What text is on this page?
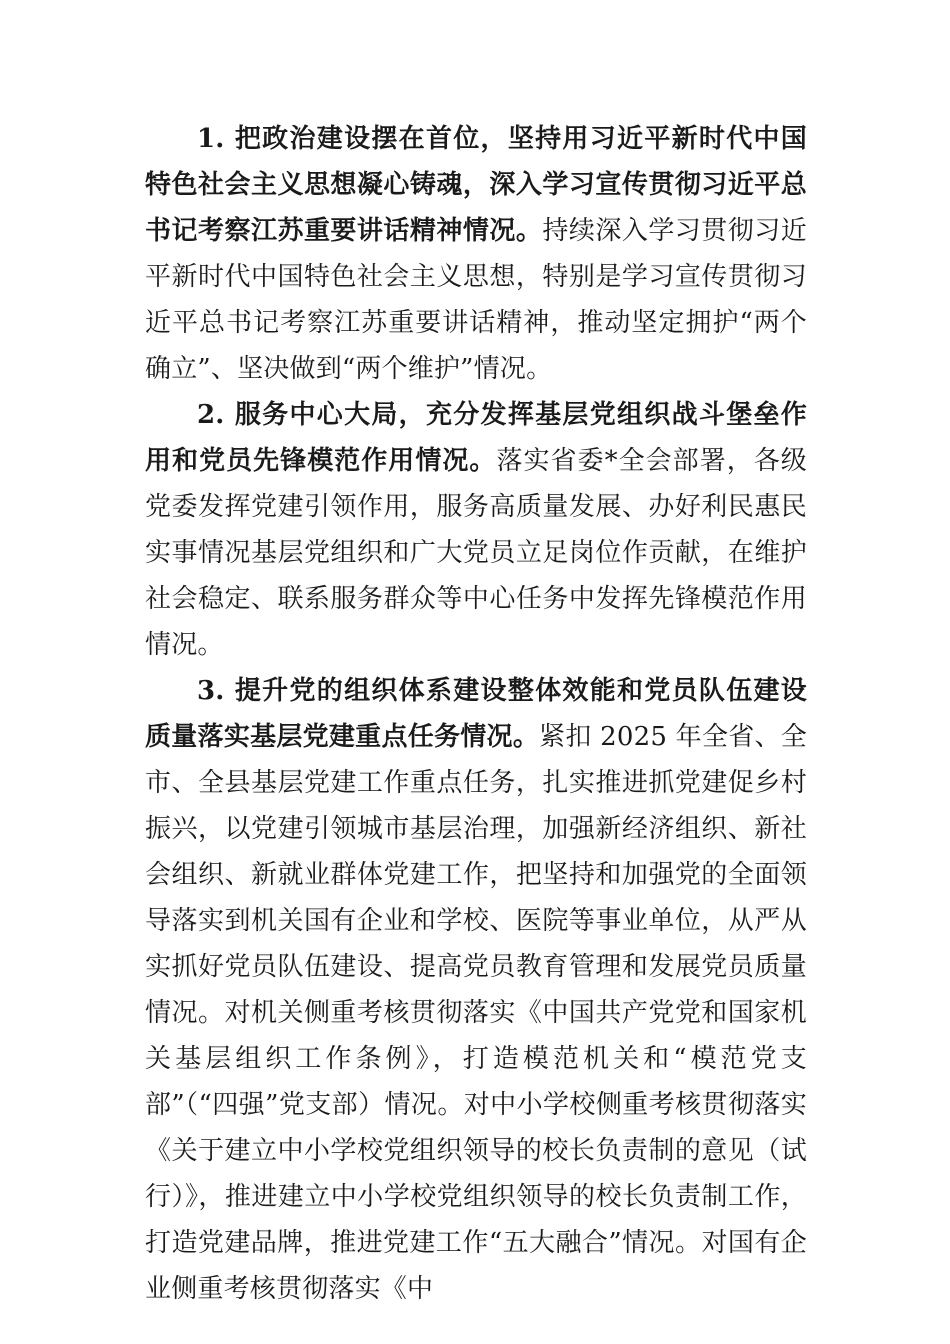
1. 把政治建设摆在首位，坚持用习近平新时代中国特色社会主义思想凝心铸魂，深入学习宣传贯彻习近平总书记考察江苏重要讲话精神情况。持续深入学习贯彻习近平新时代中国特色社会主义思想，特别是学习宣传贯彻习近平总书记考察江苏重要讲话精神，推动坚定拥护“两个确立”、坚决做到“两个维护”情况。

2. 服务中心大局，充分发挥基层党组织战斗堡垒作用和党员先锋模范作用情况。落实省委*全会部署，各级党委发挥党建引领作用，服务高质量发展、办好利民惠民实事情况基层党组织和广大党员立足岗位作贡献，在维护社会稳定、联系服务群众等中心任务中发挥先锋模范作用情况。

3. 提升党的组织体系建设整体效能和党员队伍建设质量落实基层党建重点任务情况。紧扣 2025 年全省、全市、全县基层党建工作重点任务，扎实推进抓党建促乡村振兴，以党建引领城市基层治理，加强新经济组织、新社会组织、新就业群体党建工作，把坚持和加强党的全面领导落实到机关国有企业和学校、医院等事业单位，从严从实抓好党员队伍建设、提高党员教育管理和发展党员质量情况。对机关侧重考核贯彻落实《中国共产党党和国家机关基层组织工作条例》，打造模范机关和“模范党支部”（“四强”党支部）情况。对中小学校侧重考核贯彻落实《关于建立中小学校党组织领导的校长负责制的意见（试行）》，推进建立中小学校党组织领导的校长负责制工作，打造党建品牌，推进党建工作“五大融合”情况。对国有企业侧重考核贯彻落实《中
